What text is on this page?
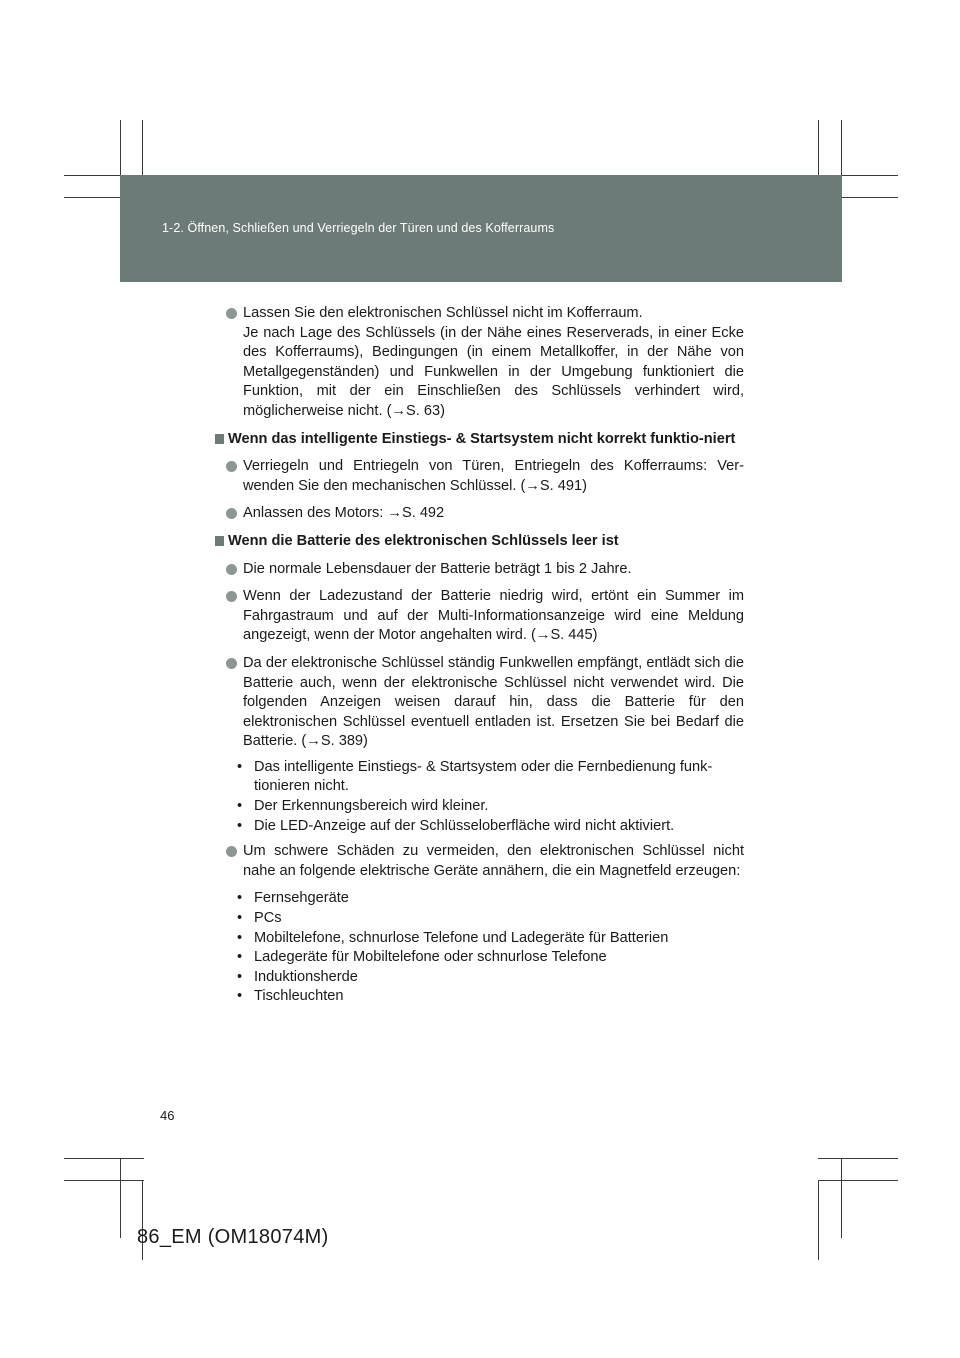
1-2. Öffnen, Schließen und Verriegeln der Türen und des Kofferraums
Lassen Sie den elektronischen Schlüssel nicht im Kofferraum.
Je nach Lage des Schlüssels (in der Nähe eines Reserverads, in einer Ecke des Kofferraums), Bedingungen (in einem Metallkoffer, in der Nähe von Metallgegenständen) und Funkwellen in der Umgebung funktioniert die Funktion, mit der ein Einschließen des Schlüssels verhindert wird, möglicherweise nicht. (→S. 63)
Wenn das intelligente Einstiegs- & Startsystem nicht korrekt funktio-niert
Verriegeln und Entriegeln von Türen, Entriegeln des Kofferraums: Ver-wenden Sie den mechanischen Schlüssel. (→S. 491)
Anlassen des Motors: →S. 492
Wenn die Batterie des elektronischen Schlüssels leer ist
Die normale Lebensdauer der Batterie beträgt 1 bis 2 Jahre.
Wenn der Ladezustand der Batterie niedrig wird, ertönt ein Summer im Fahrgastraum und auf der Multi-Informationsanzeige wird eine Meldung angezeigt, wenn der Motor angehalten wird. (→S. 445)
Da der elektronische Schlüssel ständig Funkwellen empfängt, entlädt sich die Batterie auch, wenn der elektronische Schlüssel nicht verwendet wird. Die folgenden Anzeigen weisen darauf hin, dass die Batterie für den elektronischen Schlüssel eventuell entladen ist. Ersetzen Sie bei Bedarf die Batterie. (→S. 389)
• Das intelligente Einstiegs- & Startsystem oder die Fernbedienung funk-tionieren nicht.
• Der Erkennungsbereich wird kleiner.
• Die LED-Anzeige auf der Schlüsseloberfläche wird nicht aktiviert.
Um schwere Schäden zu vermeiden, den elektronischen Schlüssel nicht nahe an folgende elektrische Geräte annähern, die ein Magnetfeld erzeugen:
• Fernsehgeräte
• PCs
• Mobiltelefone, schnurlose Telefone und Ladegeräte für Batterien
• Ladegeräte für Mobiltelefone oder schnurlose Telefone
• Induktionsherde
• Tischleuchten
46
86_EM (OM18074M)
